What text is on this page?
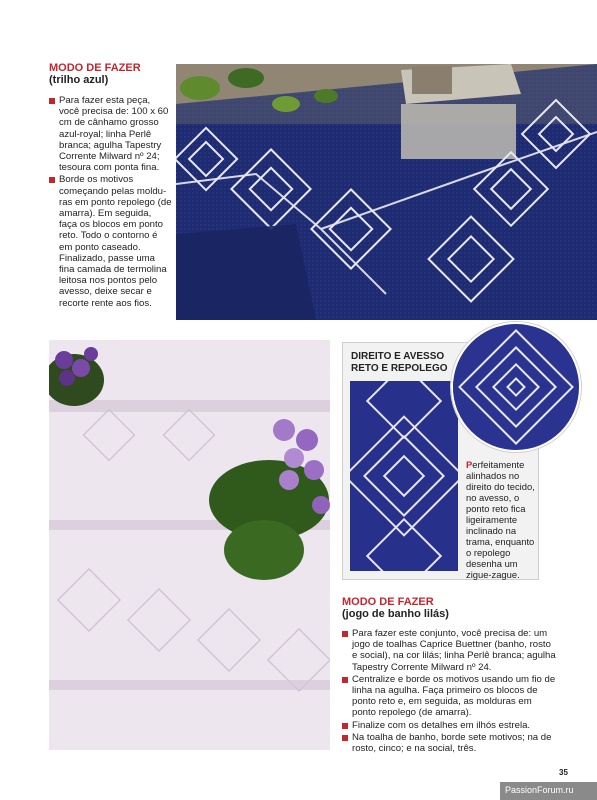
MODO DE FAZER
(trilho azul)
Para fazer esta peça, você precisa de: 100 x 60 cm de cânhamo grosso azul-royal; linha Perlê branca; agulha Tapestry Corrente Milward nº 24; tesoura com ponta fina.
Borde os motivos começando pelas molduras em ponto repolego (de amarra). Em seguida, faça os blocos em ponto reto. Todo o contorno é em ponto caseado. Finalizado, passe uma fina camada de termolina leitosa nos pontos pelo avesso, deixe secar e recorte rente aos fios.
DIREITO E AVESSO
RETO E REPOLEGO
Perfeitamente alinhados no direito do tecido, no avesso, o ponto reto fica ligeiramente inclinado na trama, enquanto o repolego desenha um zigue-zague.
MODO DE FAZER
(jogo de banho lilás)
Para fazer este conjunto, você precisa de: um jogo de toalhas Caprice Buettner (banho, rosto e social), na cor lilás; linha Perlê branca; agulha Tapestry Corrente Milward nº 24.
Centralize e borde os motivos usando um fio de linha na agulha. Faça primeiro os blocos de ponto reto e, em seguida, as molduras em ponto repolego (de amarra).
Finalize com os detalhes em ilhós estrela.
Na toalha de banho, borde sete motivos; na de rosto, cinco; e na social, três.
35
PassionForum.ru
